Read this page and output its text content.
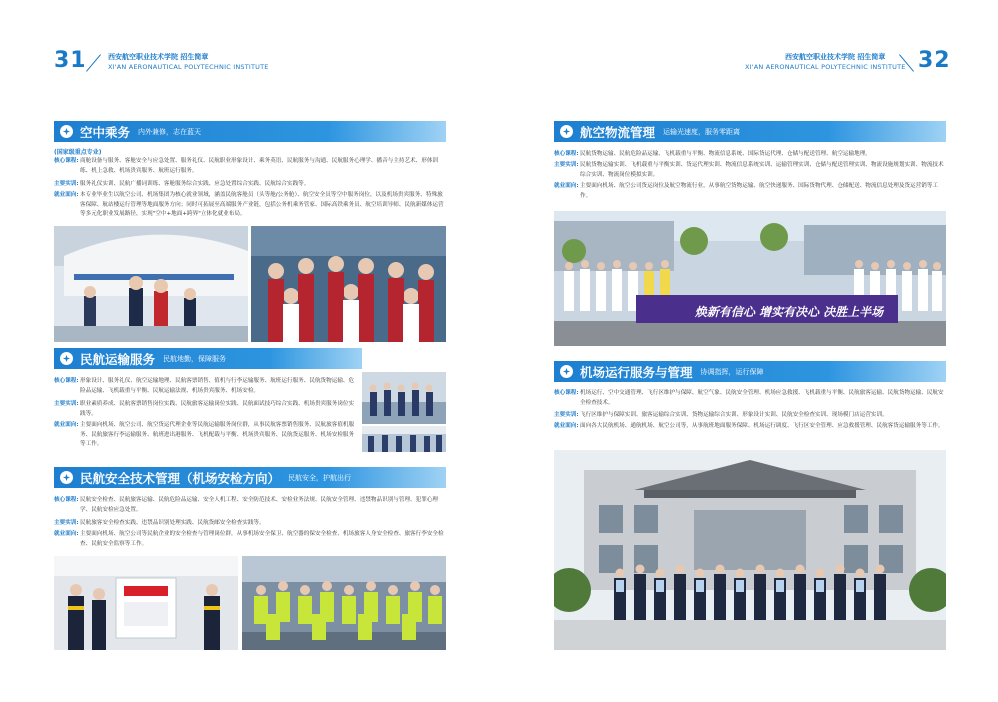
31	西安航空职业技术学院 招生简章
XI'AN AERONAUTICAL POLYTECHNIC INSTITUTE
空中乘务 内外兼修，志在蓝天
(国家级重点专业)
核心课程: 商舱设备与服务、客舱安全与应急处置、服务礼仪、民航职业形象设计、乘务英语、民航服务与沟通、民航服务心理学、播音与主持艺术、形体训练、机上急救、机场贵宾服务、航班运行服务。
主要实训: 服务礼仪实训、民航广播词训练、客舱服务综合实践、应急处置综合实践、民航综合实践等。
就业面向: 本专业毕业生以航空公司、机场集团为核心就业领域，涵盖民航客舱员（头等舱/公务舱）、航空安全员等空中服务岗位，以及机场贵宾服务、特殊旅客保障、航站楼运行管理等地面服务方向；同时可拓展至高端服务产业链，包括公务机乘务管家、国际高铁乘务员、航空培训导师、民航新媒体运营等多元化职业发展路径，实现"空中+地面+跨界"立体化就业布局。
民航运输服务 民航地勤，保障服务
核心课程: 形象设计、服务礼仪、航空运输地理、民航客票销售、值机与行李运输服务、航班运行服务、民航货物运输、危险品运输、飞机载重与平衡、民航运输法规、机场贵宾服务、机场安检。
主要实训: 职业素质养成、民航客票销售岗位实践、民航旅客运输岗位实践、民航面试技巧综合实践、机场贵宾服务岗位实践等。
就业面向: 主要面向机场、航空公司、航空货运代理企业等民航运输服务岗位群，从事民航客票销售服务、民航旅客值机服务、民航旅客行李运输服务、航班进出港服务、飞机配载与平衡、机场贵宾服务、民航货运服务、机场安检服务等工作。
民航安全技术管理（机场安检方向） 民航安全，护航出行
核心课程: 民航安全检查、民航旅客运输、民航危险品运输、安全人机工程、安全防范技术、安检业务法规、民航安全管理、违禁物品识别与管理、犯罪心理学、民航安检应急处置。
主要实训: 民航旅客安全检查实践、违禁品识别处理实践、民航货邮安全检查实践等。
就业面向: 主要面向机场、航空公司等民航企业的安全检查与管理岗位群，从事机场安全保卫、航空器的保安全检查、机场旅客人身安全检查、旅客行李安全检查、民航安全监察等工作。
西安航空职业技术学院 招生简章
XI'AN AERONAUTICAL POLYTECHNIC INSTITUTE 32
航空物流管理 运输光速度，服务零距离
核心课程: 民航货物运输、民航危险品运输、飞机载重与平衡、物流信息系统、国际货运代理、仓储与配送管理、航空运输地理。
主要实训: 民航货物运输实训、飞机载重与平衡实训、货运代理实训、物流信息系统实训、运输管理实训、仓储与配送管理实训、物流设施规划实训、物流技术综合实训、物流岗位模拟实训。
就业面向: 主要面向机场、航空公司货运岗位及航空物流行业，从事航空货物运输、航空快递服务、国际货物代理、仓储配送、物流信息处理及货运营销等工作。
焕新有信心 增实有决心 决胜上半场
机场运行服务与管理 协调指挥，运行保障
核心课程: 机场运行、空中交通管理、飞行区维护与保障、航空气象、民航安全管理、机场应急救援、飞机载重与平衡、民航旅客运输、民航货物运输、民航安全检查技术。
主要实训: 飞行区维护与保障实训、旅客运输综合实训、货物运输综合实训、形象设计实训、民航安全检查实训、现场模门店运营实训。
就业面向: 面向各大民航机场、通航机场、航空公司等，从事航班地面服务保障、机场运行调度、飞行区安全管理、应急救援管理、民航客货运输服务等工作。
